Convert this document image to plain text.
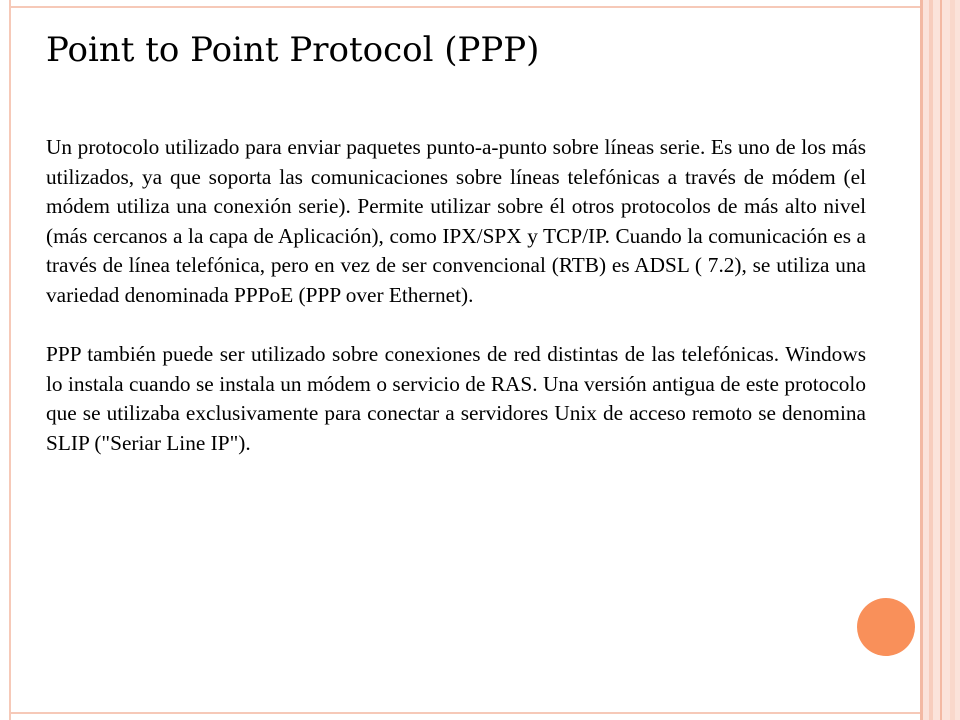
Point to Point Protocol (PPP)

Un protocolo utilizado para enviar paquetes punto-a-punto sobre líneas serie. Es uno de los más utilizados, ya que soporta las comunicaciones sobre líneas telefónicas a través de módem (el módem utiliza una conexión serie). Permite utilizar sobre él otros protocolos de más alto nivel (más cercanos a la capa de Aplicación), como IPX/SPX y TCP/IP. Cuando la comunicación es a través de línea telefónica, pero en vez de ser convencional (RTB) es ADSL ( 7.2), se utiliza una variedad denominada PPPoE (PPP over Ethernet).

PPP también puede ser utilizado sobre conexiones de red distintas de las telefónicas. Windows lo instala cuando se instala un módem o servicio de RAS. Una versión antigua de este protocolo que se utilizaba exclusivamente para conectar a servidores Unix de acceso remoto se denomina SLIP ("Seriar Line IP").
